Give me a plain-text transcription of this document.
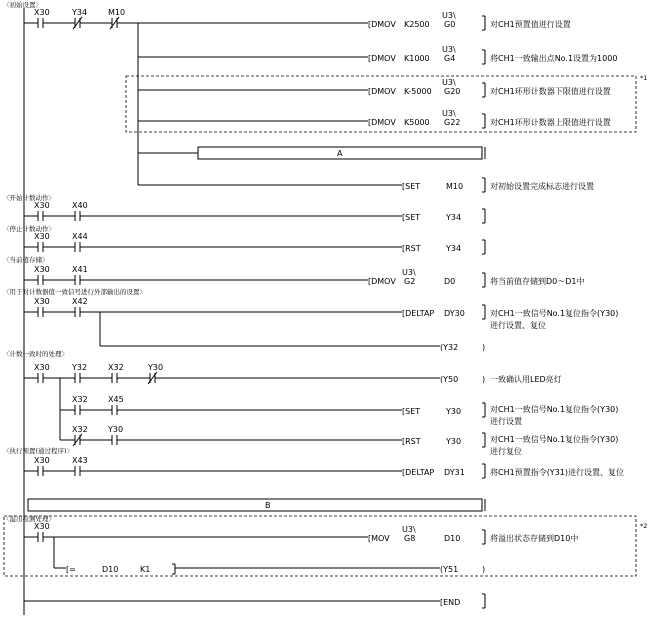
〈初始设置〉
X30	Y34	M10
[DMOV K2500
U3\
G0	对CH1预置值进行设置
[DMOV K1000
U3\
G4	将CH1一致输出点No.1设置为1000
*1
[DMOV K-5000
U3\
G20	对CH1环形计数器下限值进行设置
[DMOV K5000
U3\
G22	对CH1环形计数器上限值进行设置
A
[SET	M10	对初始设置完成标志进行设置
〈开始计数动作〉
X30	X40
[SET	Y34
〈停止计数动作〉
X30	X44
[RST	Y34
〈当前值存储〉
X30	X41
[DMOV
U3\
G2	D0	将当前值存储到D0～D1中
〈用于对计数器值一致信号进行外部输出的设置〉
X30	X42
[DELTAP DY30	对CH1一致信号No.1复位指令(Y30)
进行设置、复位
(Y32	)
〈计数一致时的处理〉
X30	Y32	X32	Y30
(Y50	) 一致确认用LED亮灯
X32	X45
[SET	Y30	对CH1一致信号No.1复位指令(Y30)
进行设置
X32	Y30
[RST	Y30	对CH1一致信号No.1复位指令(Y30)
进行复位
〈执行预置(通过程序)〉
X30	X43
[DELTAP DY31	将CH1预置指令(Y31)进行设置、复位
B
*2
〈溢出检测处理〉
X30
[MOV
U3\
G8	D10	将溢出状态存储到D10中
[=	D10	K1	(Y51	)
[END
